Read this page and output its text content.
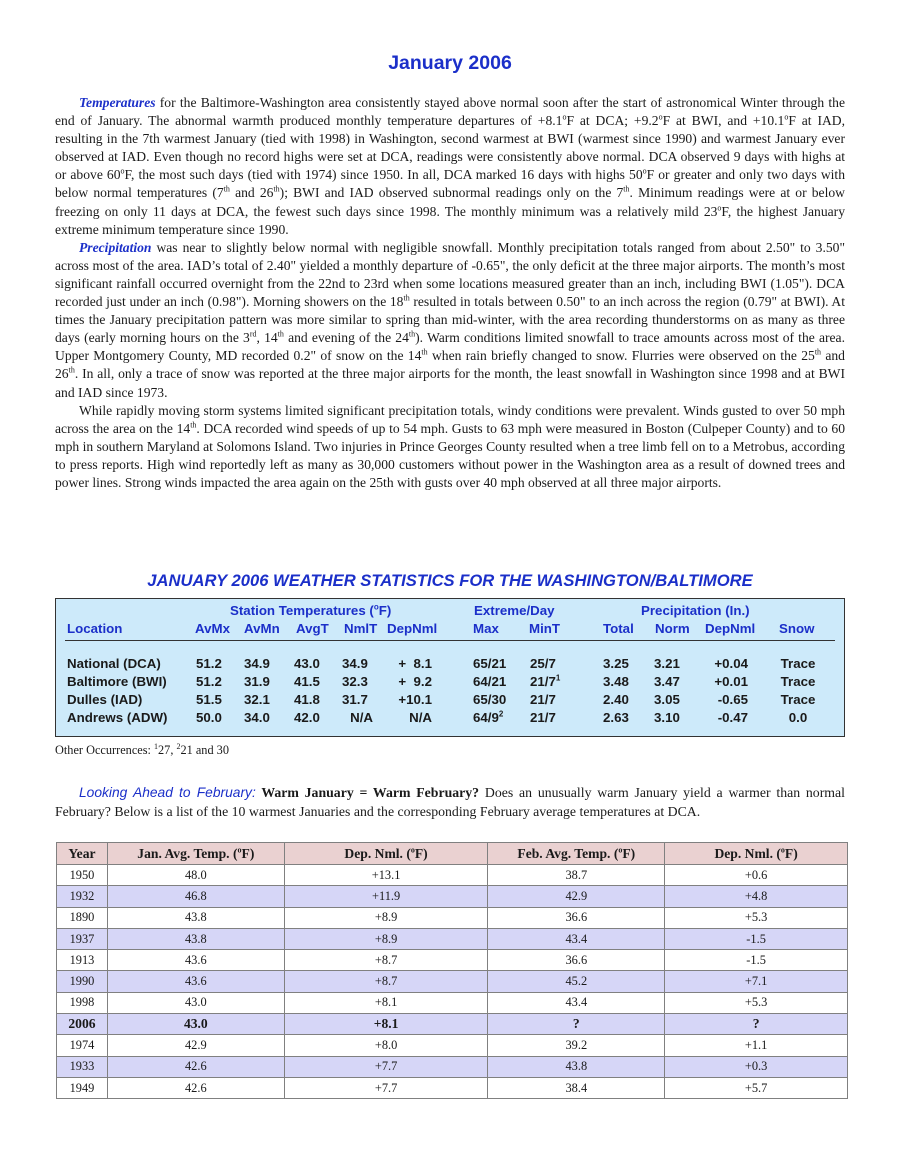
January 2006

Temperatures for the Baltimore-Washington area consistently stayed above normal soon after the start of astronomical Winter through the end of January. The abnormal warmth produced monthly temperature departures of $+8.1^oF$ at DCA; $+9.2^oF$ at BWI, and $+10.1^oF$ at IAD, resulting in the 7th warmest January (tied with 1998) in Washington, second warmest at BWI (warmest since 1990) and warmest January ever observed at IAD. Even though no record highs were set at DCA, readings were consistently above normal. DCA observed 9 days with highs at or above 60$^o$F, the most such days (tied with 1974) since 1950. In all, DCA marked 16 days with highs 50$^o$F or greater and only two days with below normal temperatures (7th and 26th); BWI and IAD observed subnormal readings only on the 7th. Minimum readings were at or below freezing on only 11 days at DCA, the fewest such days since 1998. The monthly minimum was a relatively mild 23$^o$F, the highest January extreme minimum temperature since 1990.

Precipitation was near to slightly below normal with negligible snowfall. Monthly precipitation totals ranged from about 2.50" to 3.50" across most of the area. IAD’s total of 2.40" yielded a monthly departure of -0.65", the only deficit at the three major airports. The month’s most significant rainfall occurred overnight from the 22nd to 23rd when some locations measured greater than an inch, including BWI (1.05"). DCA recorded just under an inch (0.98"). Morning showers on the 18th resulted in totals between 0.50" to an inch across the region (0.79" at BWI). At times the January precipitation pattern was more similar to spring than mid-winter, with the area recording thunderstorms on as many as three days (early morning hours on the 3rd, 14th and evening of the 24th). Warm conditions limited snowfall to trace amounts across most of the area. Upper Montgomery County, MD recorded 0.2" of snow on the 14th when rain briefly changed to snow. Flurries were observed on the 25th and 26th. In all, only a trace of snow was reported at the three major airports for the month, the least snowfall in Washington since 1998 and at BWI and IAD since 1973.

While rapidly moving storm systems limited significant precipitation totals, windy conditions were prevalent. Winds gusted to over 50 mph across the area on the 14th. DCA recorded wind speeds of up to 54 mph. Gusts to 63 mph were measured in Boston (Culpeper County) and to 60 mph in southern Maryland at Solomons Island. Two injuries in Prince Georges County resulted when a tree limb fell on to a Metrobus, according to press reports. High wind reportedly left as many as 30,000 customers without power in the Washington area as a result of downed trees and power lines. Strong winds impacted the area again on the 25th with gusts over 40 mph observed at all three major airports.

JANUARY 2006 WEATHER STATISTICS FOR THE WASHINGTON/BALTIMORE
Station Temperatures ($^o$F)	Extreme/Day	Precipitation (In.)
Location	AvMx AvMn AvgT NmlT DepNml	Max MinT	Total Norm DepNml Snow
National (DCA)	51.2 34.9 43.0 34.9	+  8.1	65/21 25/7	3.25 3.21	+0.04	Trace
Baltimore (BWI) 51.2 31.9 41.5 32.3	+  9.2	64/21 $21/7^1$	3.48 3.47	+0.01	Trace
Dulles (IAD)	51.5 32.1 41.8 31.7	+10.1	65/30 21/7	2.40 3.05	-0.65	Trace
Andrews (ADW) 50.0 34.0 42.0	N/A	N/A	$64/9^2$ 21/7	2.63 3.10	-0.47	0.0

Other Occurrences: $^1$27, $^2$21 and 30

Looking Ahead to February: Warm January = Warm February? Does an unusually warm January yield a warmer than normal February? Below is a list of the 10 warmest Januaries and the corresponding February average temperatures at DCA.

Year	Jan. Avg. Temp. ($^o$F)	Dep. Nml. ($^o$F)	Feb. Avg. Temp. ($^o$F)	Dep. Nml. ($^o$F)
1950	48.0	+13.1	38.7	+0.6
1932	46.8	+11.9	42.9	+4.8
1890	43.8	+8.9	36.6	+5.3
1937	43.8	+8.9	43.4	-1.5
1913	43.6	+8.7	36.6	-1.5
1990	43.6	+8.7	45.2	+7.1
1998	43.0	+8.1	43.4	+5.3
2006	43.0	+8.1	?	?
1974	42.9	+8.0	39.2	+1.1
1933	42.6	+7.7	43.8	+0.3
1949	42.6	+7.7	38.4	+5.7
